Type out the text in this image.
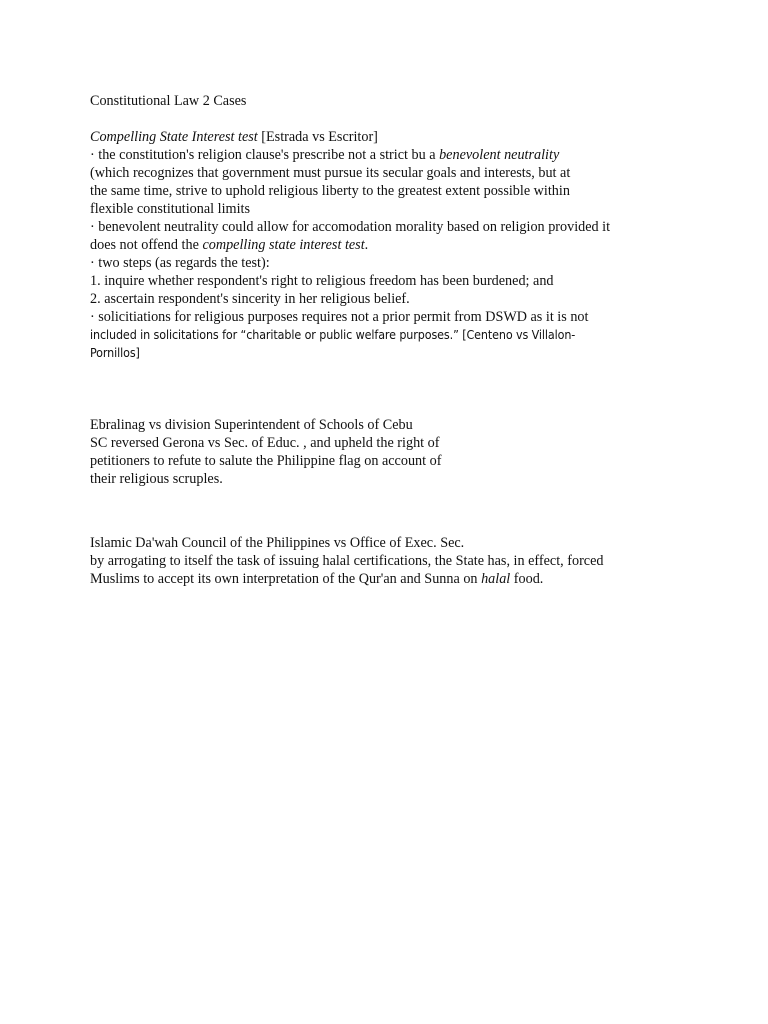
Constitutional Law 2 Cases
Compelling State Interest test [Estrada vs Escritor]
· the constitution's religion clause's prescribe not a strict bu a benevolent neutrality
(which recognizes that government must pursue its secular goals and interests, but at
the same time, strive to uphold religious liberty to the greatest extent possible within
flexible constitutional limits
· benevolent neutrality could allow for accomodation morality based on religion provided it
does not offend the compelling state interest test.
· two steps (as regards the test):
1. inquire whether respondent's right to religious freedom has been burdened; and
2. ascertain respondent's sincerity in her religious belief.
· solicitiations for religious purposes requires not a prior permit from DSWD as it is not
included in solicitations for “charitable or public welfare purposes.” [Centeno vs Villalon-
Pornillos]
Ebralinag vs division Superintendent of Schools of Cebu
SC reversed Gerona vs Sec. of Educ. , and upheld the right of
petitioners to refute to salute the Philippine flag on account of
their religious scruples.
Islamic Da'wah Council of the Philippines vs Office of Exec. Sec.
by arrogating to itself the task of issuing halal certifications, the State has, in effect, forced
Muslims to accept its own interpretation of the Qur'an and Sunna on halal food.
